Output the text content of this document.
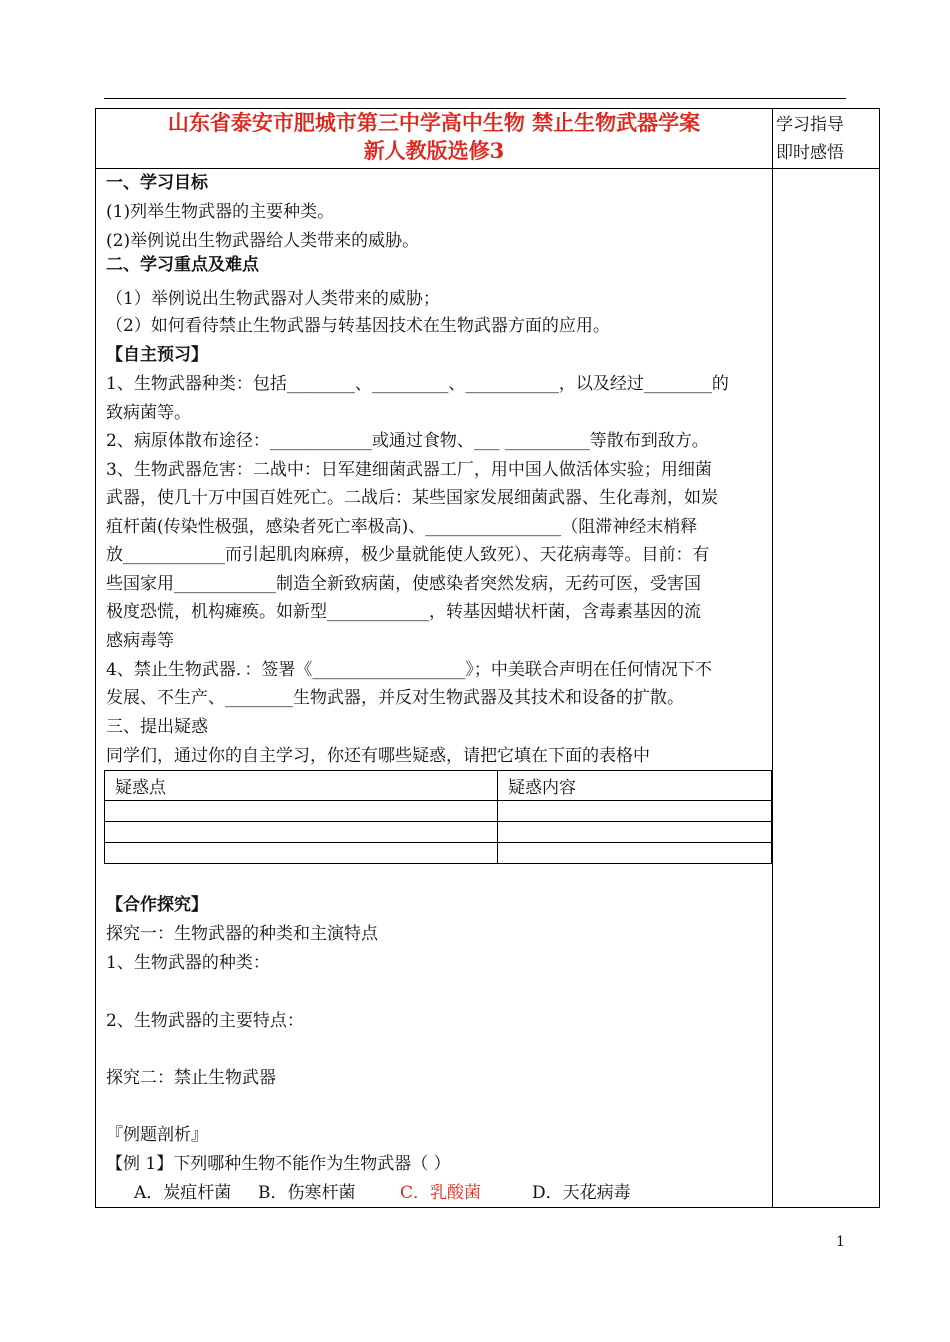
山东省泰安市肥城市第三中学高中生物 禁止生物武器学案
新人教版选修3
学习指导
即时感悟
一、学习目标
(1)列举生物武器的主要种类。
(2)举例说出生物武器给人类带来的威胁。
二、学习重点及难点
（1）举例说出生物武器对人类带来的威胁；
（2）如何看待禁止生物武器与转基因技术在生物武器方面的应用。
【自主预习】
1、生物武器种类：包括________、_________、___________，以及经过________的
致病菌等。
2、病原体散布途径：____________或通过食物、___ __________等散布到敌方。
3、生物武器危害：二战中：日军建细菌武器工厂，用中国人做活体实验；用细菌
武器，使几十万中国百姓死亡。二战后：某些国家发展细菌武器、生化毒剂，如炭
疽杆菌(传染性极强，感染者死亡率极高)、________________（阻滞神经末梢释
放____________而引起肌肉麻痹，极少量就能使人致死）、天花病毒等。目前：有
些国家用____________制造全新致病菌，使感染者突然发病，无药可医，受害国
极度恐慌，机构瘫痪。如新型____________，转基因蜡状杆菌，含毒素基因的流
感病毒等
4、禁止生物武器．：签署《__________________》；中美联合声明在任何情况下不
发展、不生产、________生物武器，并反对生物武器及其技术和设备的扩散。
三、提出疑惑
同学们，通过你的自主学习，你还有哪些疑惑，请把它填在下面的表格中
疑惑点	疑惑内容

【合作探究】
探究一：生物武器的种类和主演特点
1、生物武器的种类：
2、生物武器的主要特点：
探究二：禁止生物武器
『例题剖析』
【例 1】下列哪种生物不能作为生物武器（ ）
A．炭疽杆菌 B．伤寒杆菌	C．乳酸菌	D．天花病毒
1
